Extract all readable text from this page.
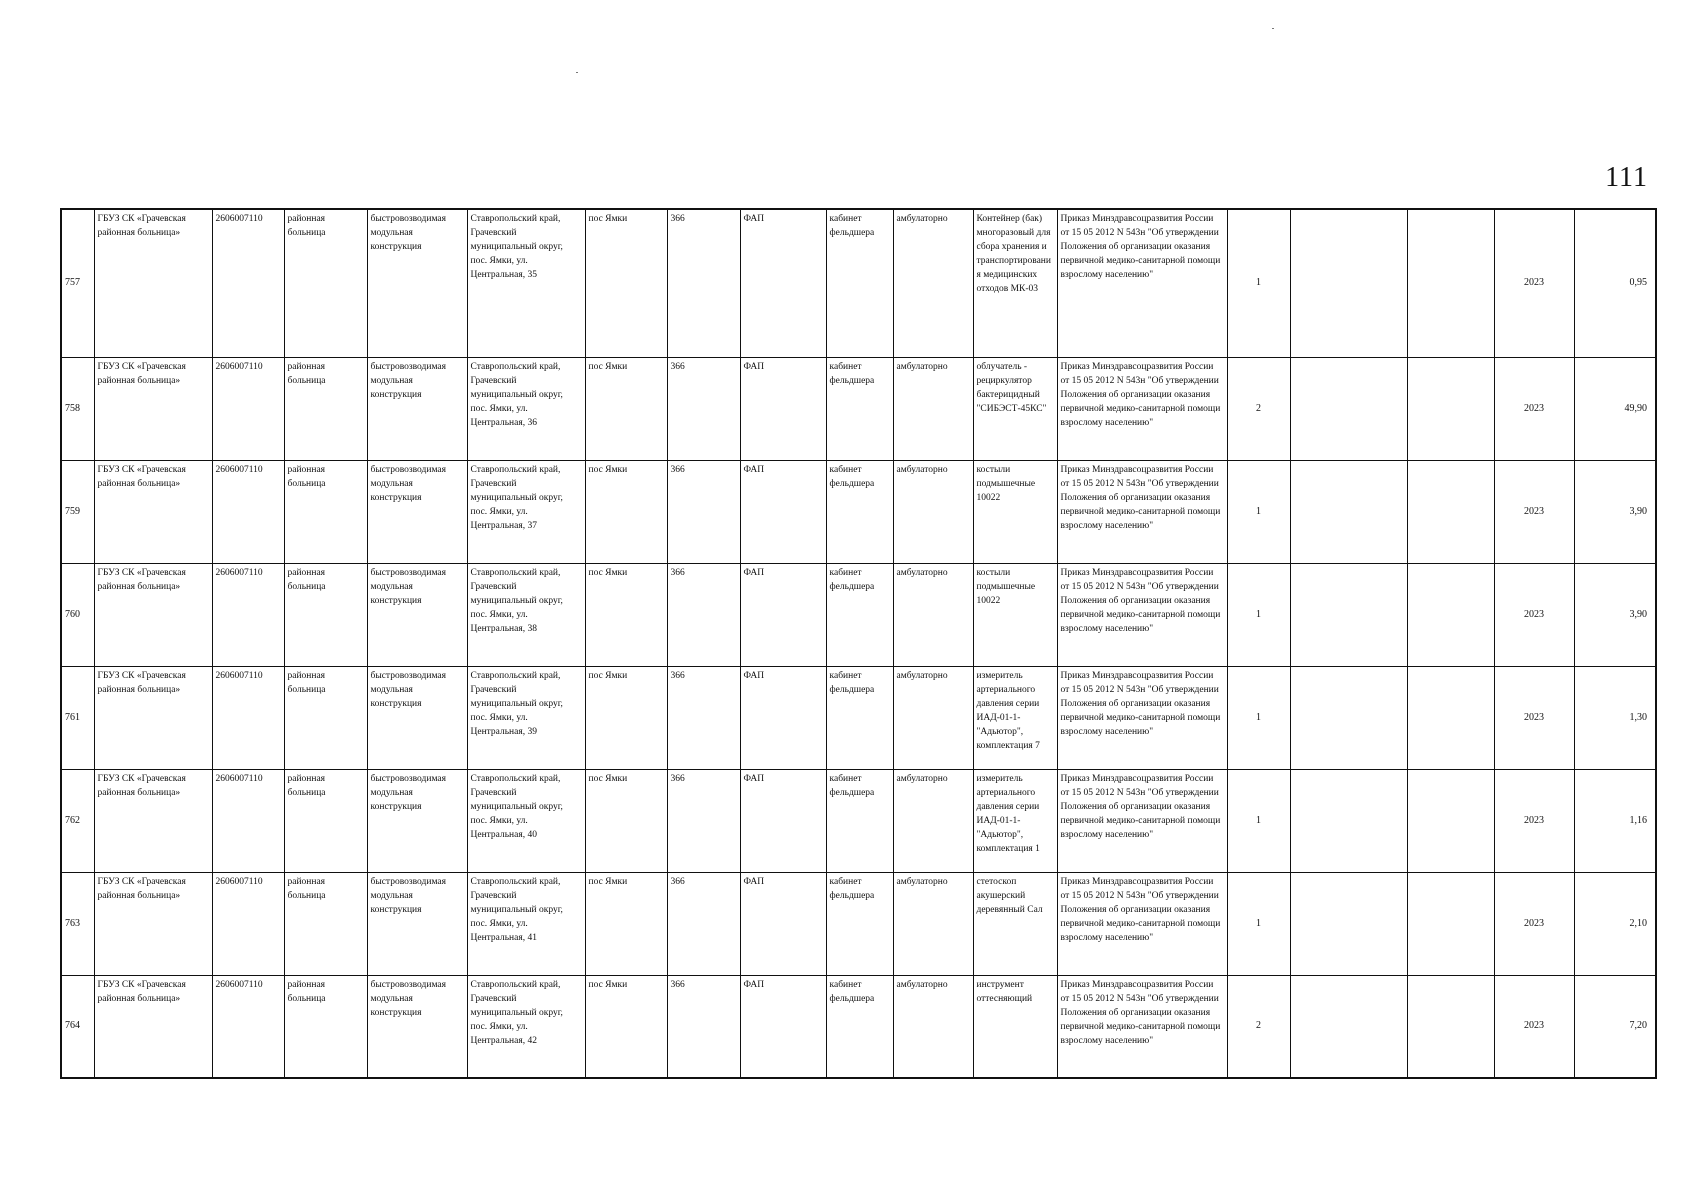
111
757	ГБУЗ СК «Грачевская районная больница»	2606007110	районная больница	быстровозводимая модульная конструкция	Ставропольский край, Грачевский муниципальный округ, пос. Ямки, ул. Центральная, 35	пос Ямки	366	ФАП	кабинет фельдшера	амбулаторно	Контейнер (бак) многоразовый для сбора хранения и транспортирования медицинских отходов МК-03	Приказ Минздравсоцразвития России от 15 05 2012 N 543н "Об утверждении Положения об организации оказания первичной медико-санитарной помощи взрослому населению"	1			2023	0,95
758	ГБУЗ СК «Грачевская районная больница»	2606007110	районная больница	быстровозводимая модульная конструкция	Ставропольский край, Грачевский муниципальный округ, пос. Ямки, ул. Центральная, 36	пос Ямки	366	ФАП	кабинет фельдшера	амбулаторно	облучатель - рециркулятор бактерицидный "СИБЭСТ-45КС"	Приказ Минздравсоцразвития России от 15 05 2012 N 543н "Об утверждении Положения об организации оказания первичной медико-санитарной помощи взрослому населению"	2			2023	49,90
759	ГБУЗ СК «Грачевская районная больница»	2606007110	районная больница	быстровозводимая модульная конструкция	Ставропольский край, Грачевский муниципальный округ, пос. Ямки, ул. Центральная, 37	пос Ямки	366	ФАП	кабинет фельдшера	амбулаторно	костыли подмышечные 10022	Приказ Минздравсоцразвития России от 15 05 2012 N 543н "Об утверждении Положения об организации оказания первичной медико-санитарной помощи взрослому населению"	1			2023	3,90
760	ГБУЗ СК «Грачевская районная больница»	2606007110	районная больница	быстровозводимая модульная конструкция	Ставропольский край, Грачевский муниципальный округ, пос. Ямки, ул. Центральная, 38	пос Ямки	366	ФАП	кабинет фельдшера	амбулаторно	костыли подмышечные 10022	Приказ Минздравсоцразвития России от 15 05 2012 N 543н "Об утверждении Положения об организации оказания первичной медико-санитарной помощи взрослому населению"	1			2023	3,90
761	ГБУЗ СК «Грачевская районная больница»	2606007110	районная больница	быстровозводимая модульная конструкция	Ставропольский край, Грачевский муниципальный округ, пос. Ямки, ул. Центральная, 39	пос Ямки	366	ФАП	кабинет фельдшера	амбулаторно	измеритель артериального давления серии ИАД-01-1-"Адьютор", комплектация 7	Приказ Минздравсоцразвития России от 15 05 2012 N 543н "Об утверждении Положения об организации оказания первичной медико-санитарной помощи взрослому населению"	1			2023	1,30
762	ГБУЗ СК «Грачевская районная больница»	2606007110	районная больница	быстровозводимая модульная конструкция	Ставропольский край, Грачевский муниципальный округ, пос. Ямки, ул. Центральная, 40	пос Ямки	366	ФАП	кабинет фельдшера	амбулаторно	измеритель артериального давления серии ИАД-01-1-"Адьютор", комплектация 1	Приказ Минздравсоцразвития России от 15 05 2012 N 543н "Об утверждении Положения об организации оказания первичной медико-санитарной помощи взрослому населению"	1			2023	1,16
763	ГБУЗ СК «Грачевская районная больница»	2606007110	районная больница	быстровозводимая модульная конструкция	Ставропольский край, Грачевский муниципальный округ, пос. Ямки, ул. Центральная, 41	пос Ямки	366	ФАП	кабинет фельдшера	амбулаторно	стетоскоп акушерский деревянный Сал	Приказ Минздравсоцразвития России от 15 05 2012 N 543н "Об утверждении Положения об организации оказания первичной медико-санитарной помощи взрослому населению"	1			2023	2,10
764	ГБУЗ СК «Грачевская районная больница»	2606007110	районная больница	быстровозводимая модульная конструкция	Ставропольский край, Грачевский муниципальный округ, пос. Ямки, ул. Центральная, 42	пос Ямки	366	ФАП	кабинет фельдшера	амбулаторно	инструмент оттесняющий	Приказ Минздравсоцразвития России от 15 05 2012 N 543н "Об утверждении Положения об организации оказания первичной медико-санитарной помощи взрослому населению"	2			2023	7,20
